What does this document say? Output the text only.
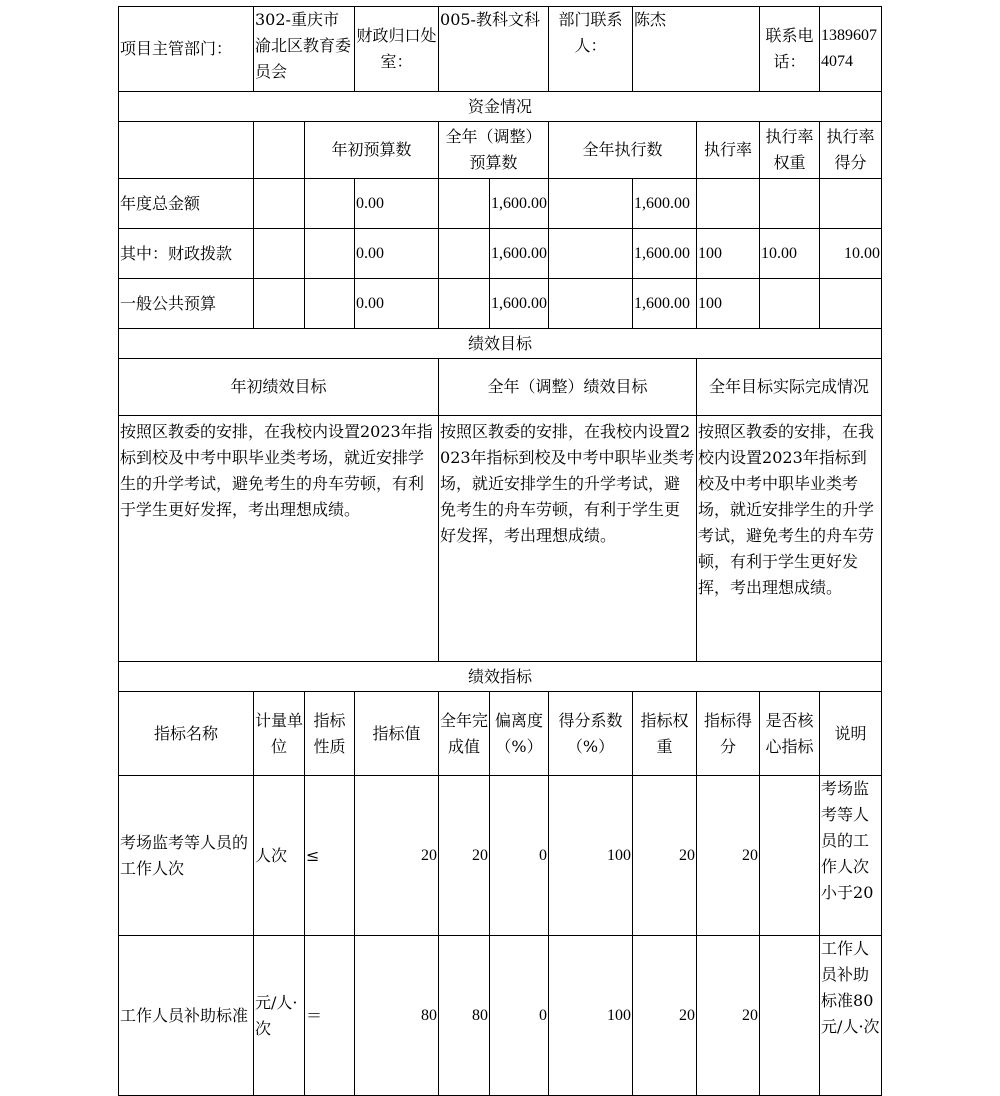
项目主管部门：	302-重庆市渝北区教育委员会		财政归口处室：	005-教科文科		部门联系人：	陈杰		联系电话：	13896074074
资金情况										
		年初预算数		全年（调整）预算数		全年执行数		执行率	执行率权重	执行率得分
年度总金额			0.00		1,600.00		1,600.00			
其中：财政拨款			0.00		1,600.00		1,600.00	100	10.00	10.00
一般公共预算			0.00		1,600.00		1,600.00	100		
绩效目标										
年初绩效目标				全年（调整）绩效目标				全年目标实际完成情况		
按照区教委的安排，在我校内设置2023年指标到校及中考中职毕业类考场，就近安排学生的升学考试，避免考生的舟车劳顿，有利于学生更好发挥，考出理想成绩。				按照区教委的安排，在我校内设置2023年指标到校及中考中职毕业类考场，就近安排学生的升学考试，避免考生的舟车劳顿，有利于学生更好发挥，考出理想成绩。				按照区教委的安排，在我校内设置2023年指标到校及中考中职毕业类考场，就近安排学生的升学考试，避免考生的舟车劳顿，有利于学生更好发挥，考出理想成绩。		
绩效指标										
指标名称	计量单位	指标性质	指标值	全年完成值	偏离度（%）	得分系数（%）	指标权重	指标得分	是否核心指标	说明
考场监考等人员的工作人次	人次	≤	20	20	0	100	20	20		考场监考等人员的工作人次小于20
工作人员补助标准	元/人·次	＝	80	80	0	100	20	20		工作人员补助标准80元/人·次
